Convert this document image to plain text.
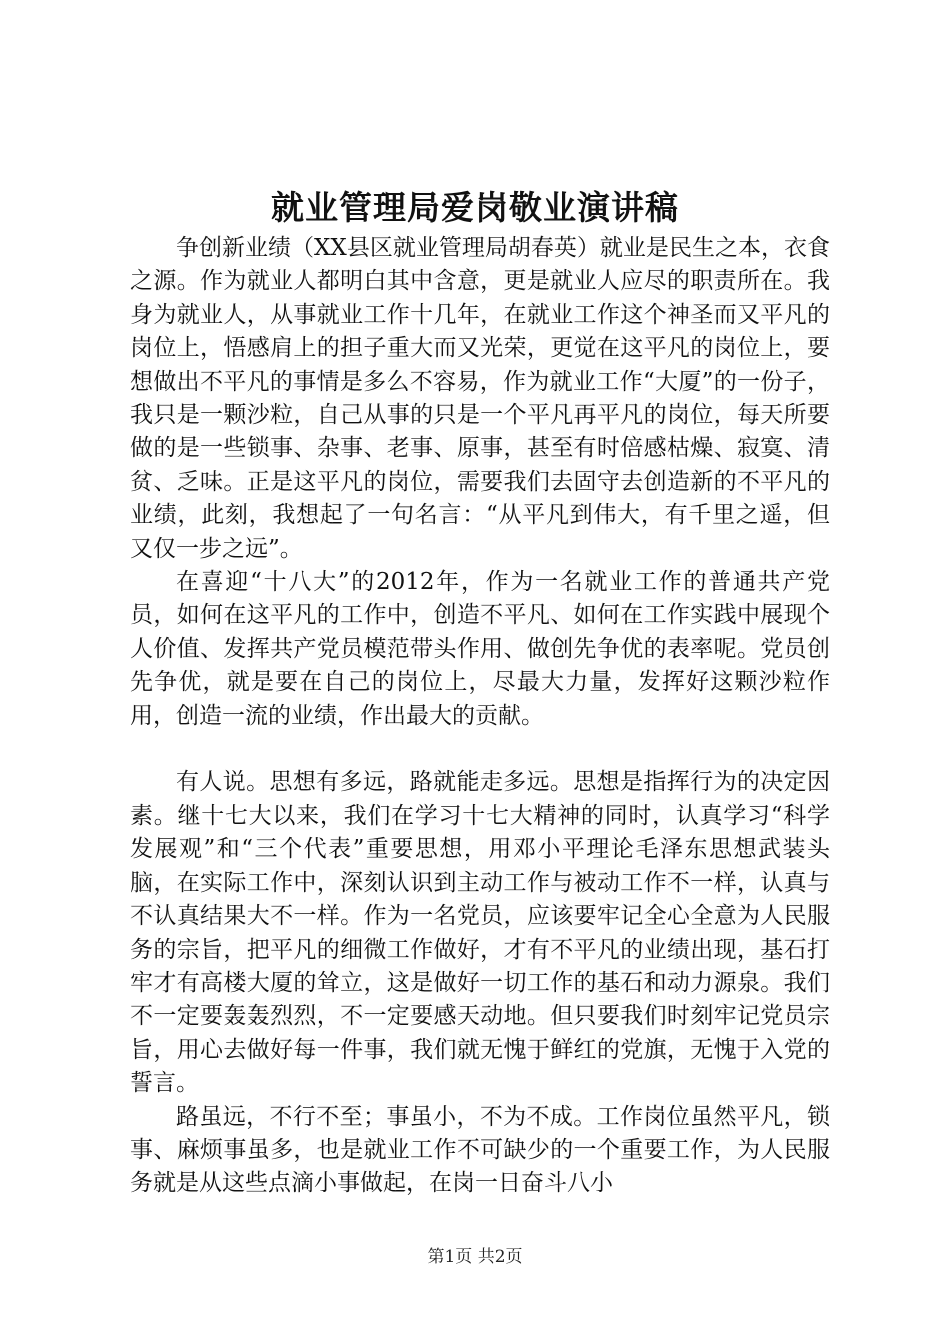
就业管理局爱岗敬业演讲稿

争创新业绩（XX县区就业管理局胡春英）就业是民生之本，衣食之源。作为就业人都明白其中含意，更是就业人应尽的职责所在。我身为就业人，从事就业工作十几年，在就业工作这个神圣而又平凡的岗位上，悟感肩上的担子重大而又光荣，更觉在这平凡的岗位上，要想做出不平凡的事情是多么不容易，作为就业工作“大厦”的一份子，我只是一颗沙粒，自己从事的只是一个平凡再平凡的岗位，每天所要做的是一些锁事、杂事、老事、原事，甚至有时倍感枯燥、寂寞、清贫、乏味。正是这平凡的岗位，需要我们去固守去创造新的不平凡的业绩，此刻，我想起了一句名言：“从平凡到伟大，有千里之遥，但又仅一步之远”。

在喜迎“十八大”的2012年，作为一名就业工作的普通共产党员，如何在这平凡的工作中，创造不平凡、如何在工作实践中展现个人价值、发挥共产党员模范带头作用、做创先争优的表率呢。党员创先争优，就是要在自己的岗位上，尽最大力量，发挥好这颗沙粒作用，创造一流的业绩，作出最大的贡献。

有人说。思想有多远，路就能走多远。思想是指挥行为的决定因素。继十七大以来，我们在学习十七大精神的同时，认真学习“科学发展观”和“三个代表”重要思想，用邓小平理论毛泽东思想武装头脑，在实际工作中，深刻认识到主动工作与被动工作不一样，认真与不认真结果大不一样。作为一名党员，应该要牢记全心全意为人民服务的宗旨，把平凡的细微工作做好，才有不平凡的业绩出现，基石打牢才有高楼大厦的耸立，这是做好一切工作的基石和动力源泉。我们不一定要轰轰烈烈，不一定要感天动地。但只要我们时刻牢记党员宗旨，用心去做好每一件事，我们就无愧于鲜红的党旗，无愧于入党的誓言。

路虽远，不行不至；事虽小，不为不成。工作岗位虽然平凡，锁事、麻烦事虽多，也是就业工作不可缺少的一个重要工作，为人民服务就是从这些点滴小事做起，在岗一日奋斗八小

第1页 共2页
